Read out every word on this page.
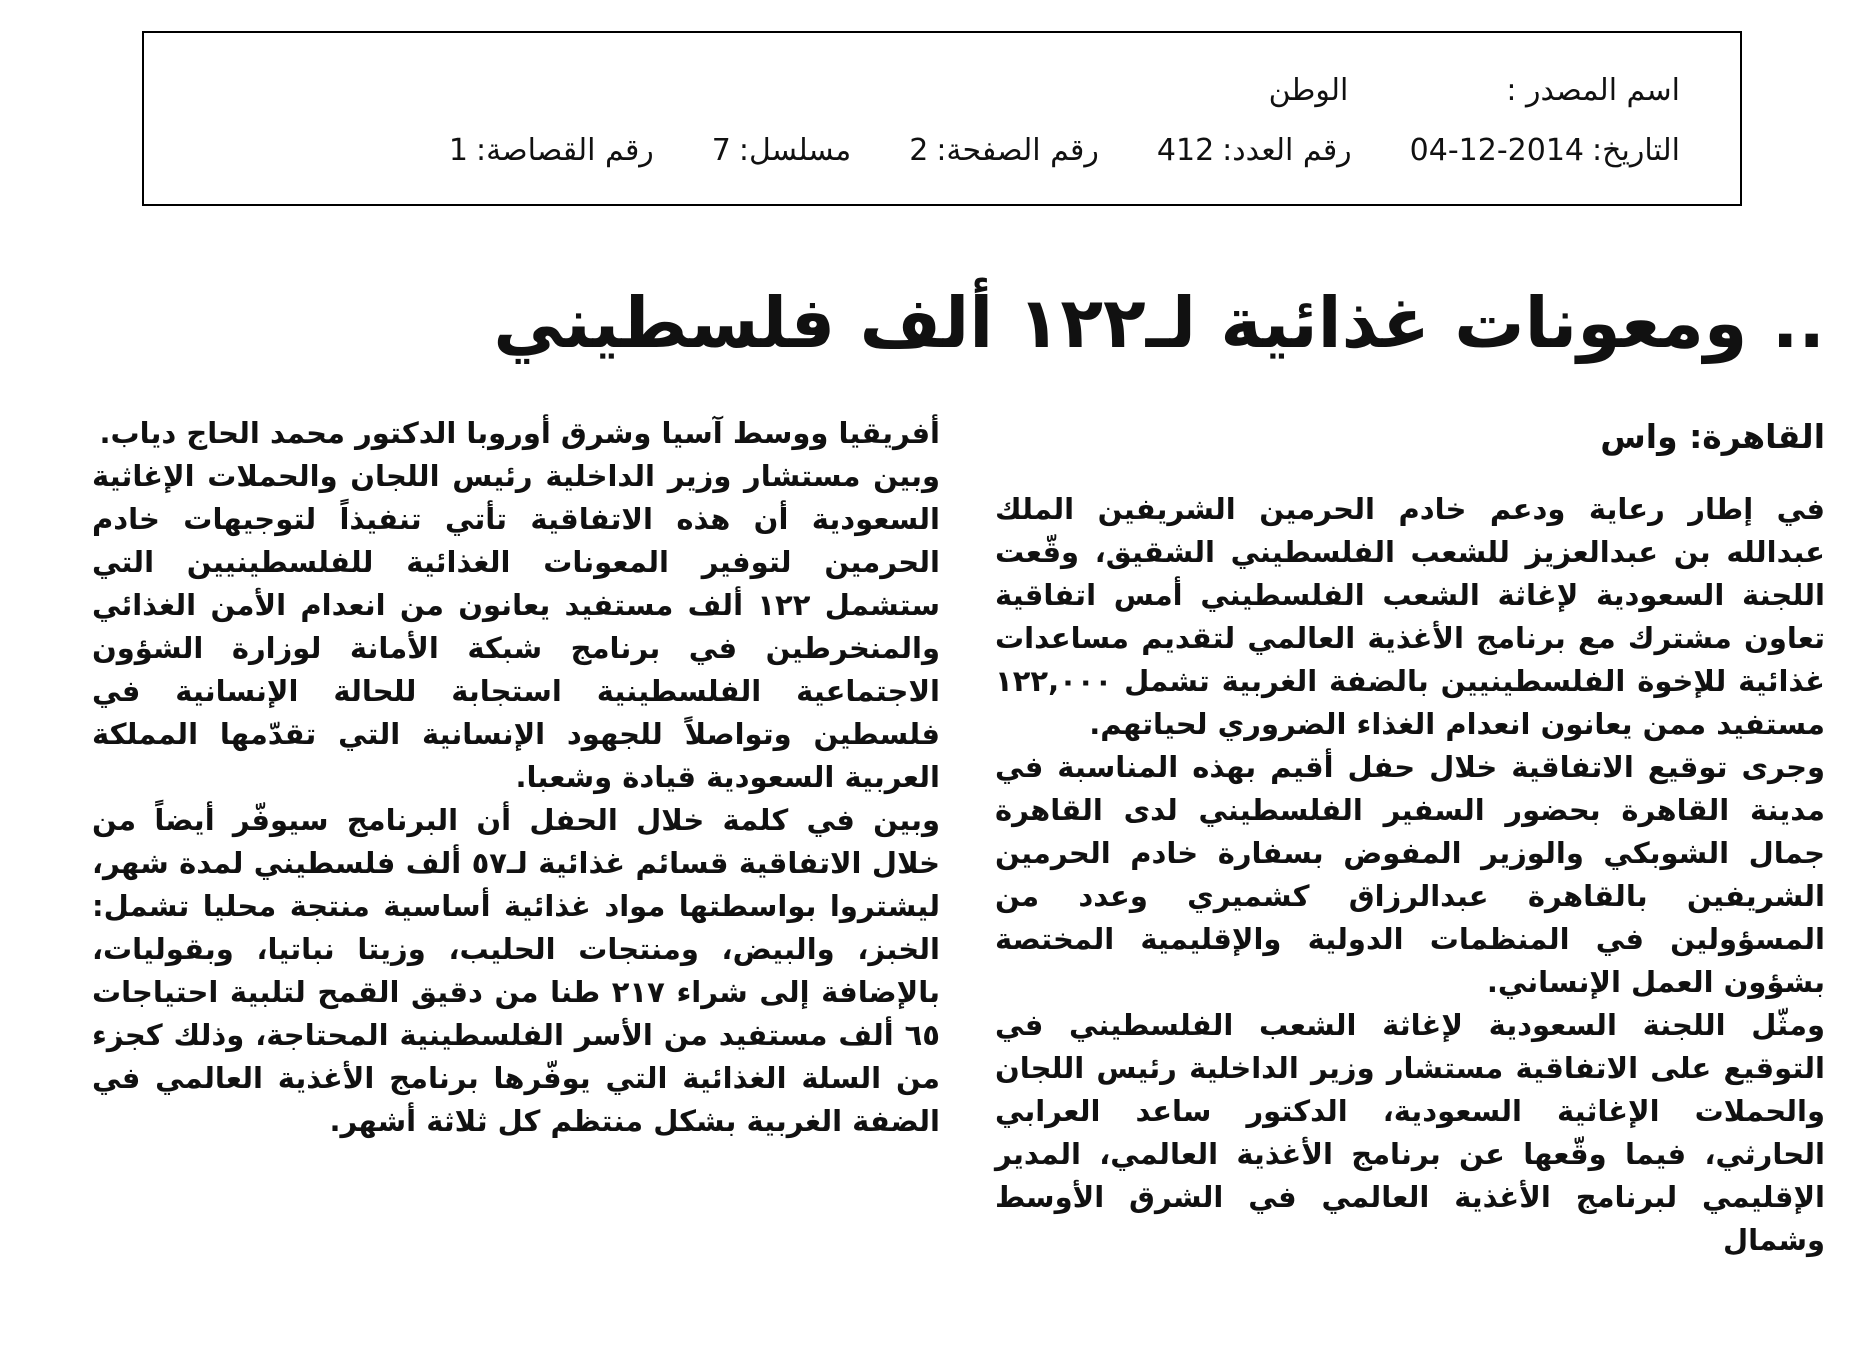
اسم المصدر :
الوطن
التاريخ:
04-12-2014
رقم العدد:
412
رقم الصفحة:
2
مسلسل:
7
رقم القصاصة:
1
.. ومعونات غذائية لـ١٢٢ ألف فلسطيني
القاهرة: واس

في إطار رعاية ودعم خادم الحرمين الشريفين الملك عبدالله بن عبدالعزيز للشعب الفلسطيني الشقيق، وقّعت اللجنة السعودية لإغاثة الشعب الفلسطيني أمس اتفاقية تعاون مشترك مع برنامج الأغذية العالمي لتقديم مساعدات غذائية للإخوة الفلسطينيين بالضفة الغربية تشمل ١٢٢,٠٠٠ مستفيد ممن يعانون انعدام الغذاء الضروري لحياتهم.

وجرى توقيع الاتفاقية خلال حفل أقيم بهذه المناسبة في مدينة القاهرة بحضور السفير الفلسطيني لدى القاهرة جمال الشوبكي والوزير المفوض بسفارة خادم الحرمين الشريفين بالقاهرة عبدالرزاق كشميري وعدد من المسؤولين في المنظمات الدولية والإقليمية المختصة بشؤون العمل الإنساني.

ومثّل اللجنة السعودية لإغاثة الشعب الفلسطيني في التوقيع على الاتفاقية مستشار وزير الداخلية رئيس اللجان والحملات الإغاثية السعودية، الدكتور ساعد العرابي الحارثي، فيما وقّعها عن برنامج الأغذية العالمي، المدير الإقليمي لبرنامج الأغذية العالمي في الشرق الأوسط وشمال

أفريقيا ووسط آسيا وشرق أوروبا الدكتور محمد الحاج دياب.

وبين مستشار وزير الداخلية رئيس اللجان والحملات الإغاثية السعودية أن هذه الاتفاقية تأتي تنفيذاً لتوجيهات خادم الحرمين لتوفير المعونات الغذائية للفلسطينيين التي ستشمل ١٢٢ ألف مستفيد يعانون من انعدام الأمن الغذائي والمنخرطين في برنامج شبكة الأمانة لوزارة الشؤون الاجتماعية الفلسطينية استجابة للحالة الإنسانية في فلسطين وتواصلاً للجهود الإنسانية التي تقدّمها المملكة العربية السعودية قيادة وشعبا.

وبين في كلمة خلال الحفل أن البرنامج سيوفّر أيضاً من خلال الاتفاقية قسائم غذائية لـ٥٧ ألف فلسطيني لمدة شهر، ليشتروا بواسطتها مواد غذائية أساسية منتجة محليا تشمل: الخبز، والبيض، ومنتجات الحليب، وزيتا نباتيا، وبقوليات، بالإضافة إلى شراء ٢١٧ طنا من دقيق القمح لتلبية احتياجات ٦٥ ألف مستفيد من الأسر الفلسطينية المحتاجة، وذلك كجزء من السلة الغذائية التي يوفّرها برنامج الأغذية العالمي في الضفة الغربية بشكل منتظم كل ثلاثة أشهر.
